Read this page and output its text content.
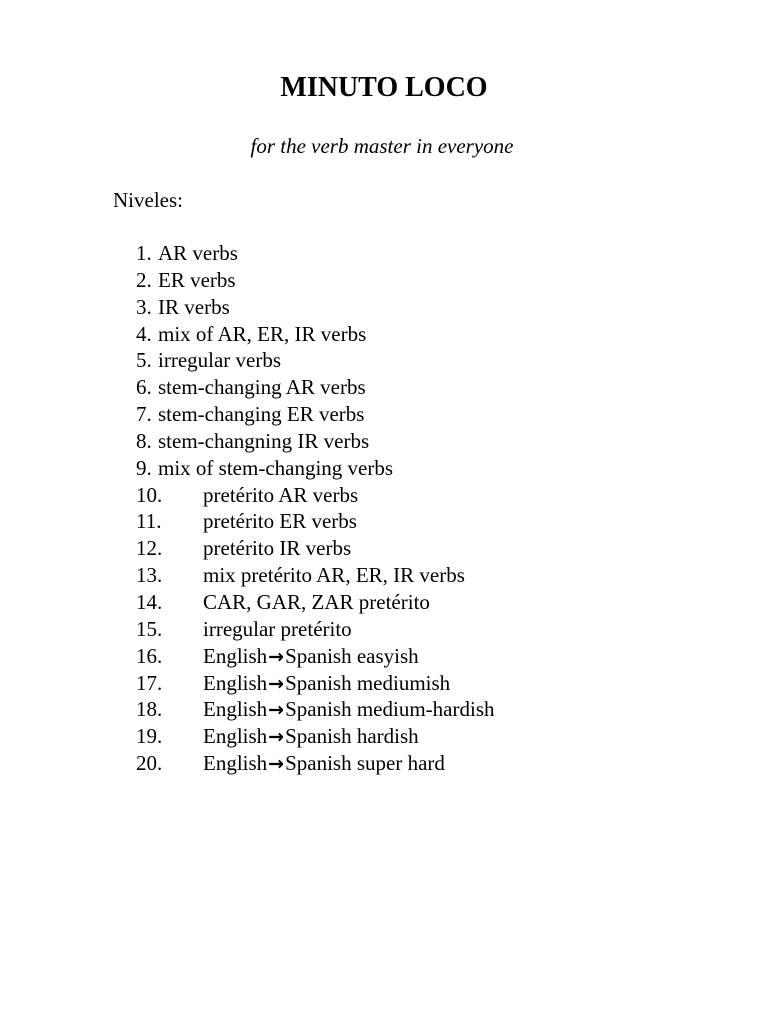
MINUTO LOCO

for the verb master in everyone

Niveles:

1. AR verbs
2. ER verbs
3. IR verbs
4. mix of AR, ER, IR verbs
5. irregular verbs
6. stem-changing AR verbs
7. stem-changing ER verbs
8. stem-changning IR verbs
9. mix of stem-changing verbs
10. pretérito AR verbs
11. pretérito ER verbs
12. pretérito IR verbs
13. mix pretérito AR, ER, IR verbs
14. CAR, GAR, ZAR pretérito
15. irregular pretérito
16. English→Spanish easyish
17. English→Spanish mediumish
18. English→Spanish medium-hardish
19. English→Spanish hardish
20. English→Spanish super hard
